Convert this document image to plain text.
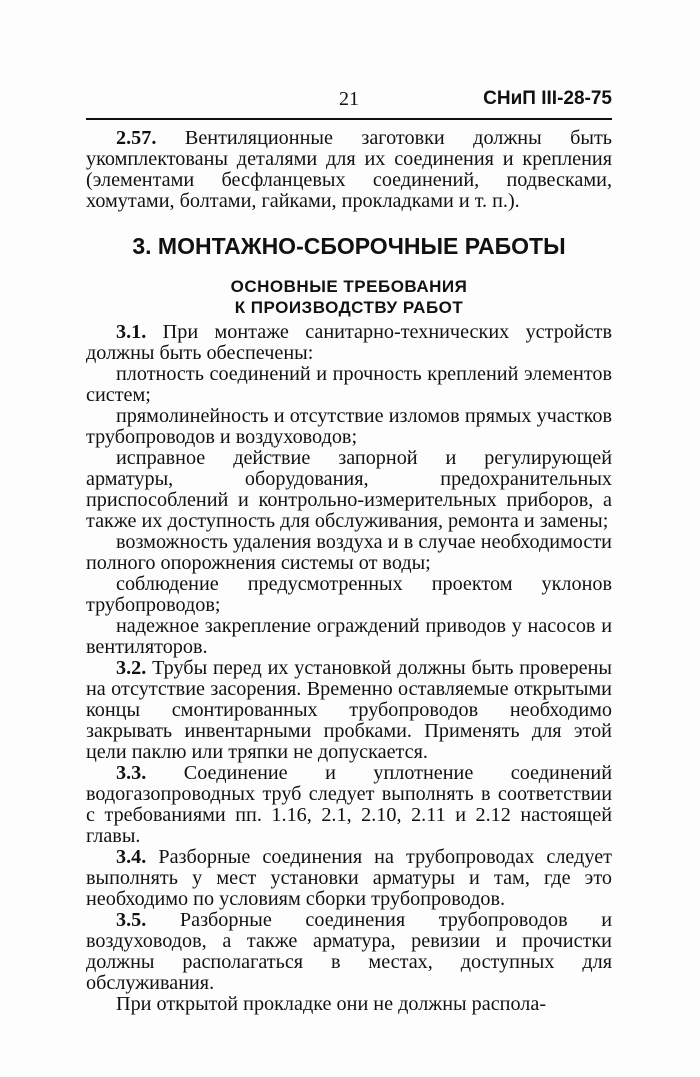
21	СНиП III-28-75

2.57. Вентиляционные заготовки должны быть укомплектованы деталями для их соединения и крепления (элементами бесфланцевых соединений, подвесками, хомутами, болтами, гайками, прокладками и т. п.).

3. МОНТАЖНО-СБОРОЧНЫЕ РАБОТЫ
ОСНОВНЫЕ ТРЕБОВАНИЯ
К ПРОИЗВОДСТВУ РАБОТ

3.1. При монтаже санитарно-технических устройств должны быть обеспечены:

плотность соединений и прочность креплений элементов систем;

прямолинейность и отсутствие изломов прямых участков трубопроводов и воздуховодов;

исправное действие запорной и регулирующей арматуры, оборудования, предохранительных приспособлений и контрольно-измерительных приборов, а также их доступность для обслуживания, ремонта и замены;

возможность удаления воздуха и в случае необходимости полного опорожнения системы от воды;

соблюдение предусмотренных проектом уклонов трубопроводов;

надежное закрепление ограждений приводов у насосов и вентиляторов.

3.2. Трубы перед их установкой должны быть проверены на отсутствие засорения. Временно оставляемые открытыми концы смонтированных трубопроводов необходимо закрывать инвентарными пробками. Применять для этой цели паклю или тряпки не допускается.

3.3. Соединение и уплотнение соединений водогазопроводных труб следует выполнять в соответствии с требованиями пп. 1.16, 2.1, 2.10, 2.11 и 2.12 настоящей главы.

3.4. Разборные соединения на трубопроводах следует выполнять у мест установки арматуры и там, где это необходимо по условиям сборки трубопроводов.

3.5. Разборные соединения трубопроводов и воздуховодов, а также арматура, ревизии и прочистки должны располагаться в местах, доступных для обслуживания.

При открытой прокладке они не должны распола-
